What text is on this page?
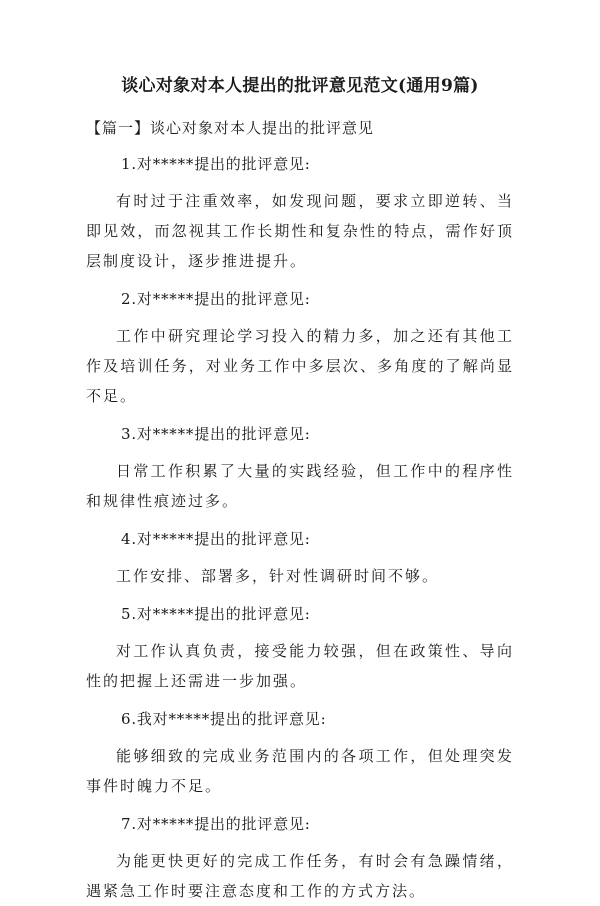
谈心对象对本人提出的批评意见范文(通用9篇)

【篇一】谈心对象对本人提出的批评意见

1.对*****提出的批评意见:

有时过于注重效率，如发现问题，要求立即逆转、当即见效，而忽视其工作长期性和复杂性的特点，需作好顶层制度设计，逐步推进提升。

2.对*****提出的批评意见:

工作中研究理论学习投入的精力多，加之还有其他工作及培训任务，对业务工作中多层次、多角度的了解尚显不足。

3.对*****提出的批评意见:

日常工作积累了大量的实践经验，但工作中的程序性和规律性痕迹过多。

4.对*****提出的批评意见:

工作安排、部署多，针对性调研时间不够。

5.对*****提出的批评意见:

对工作认真负责，接受能力较强，但在政策性、导向性的把握上还需进一步加强。

6.我对*****提出的批评意见:

能够细致的完成业务范围内的各项工作，但处理突发事件时魄力不足。

7.对*****提出的批评意见:

为能更快更好的完成工作任务，有时会有急躁情绪，遇紧急工作时要注意态度和工作的方式方法。
